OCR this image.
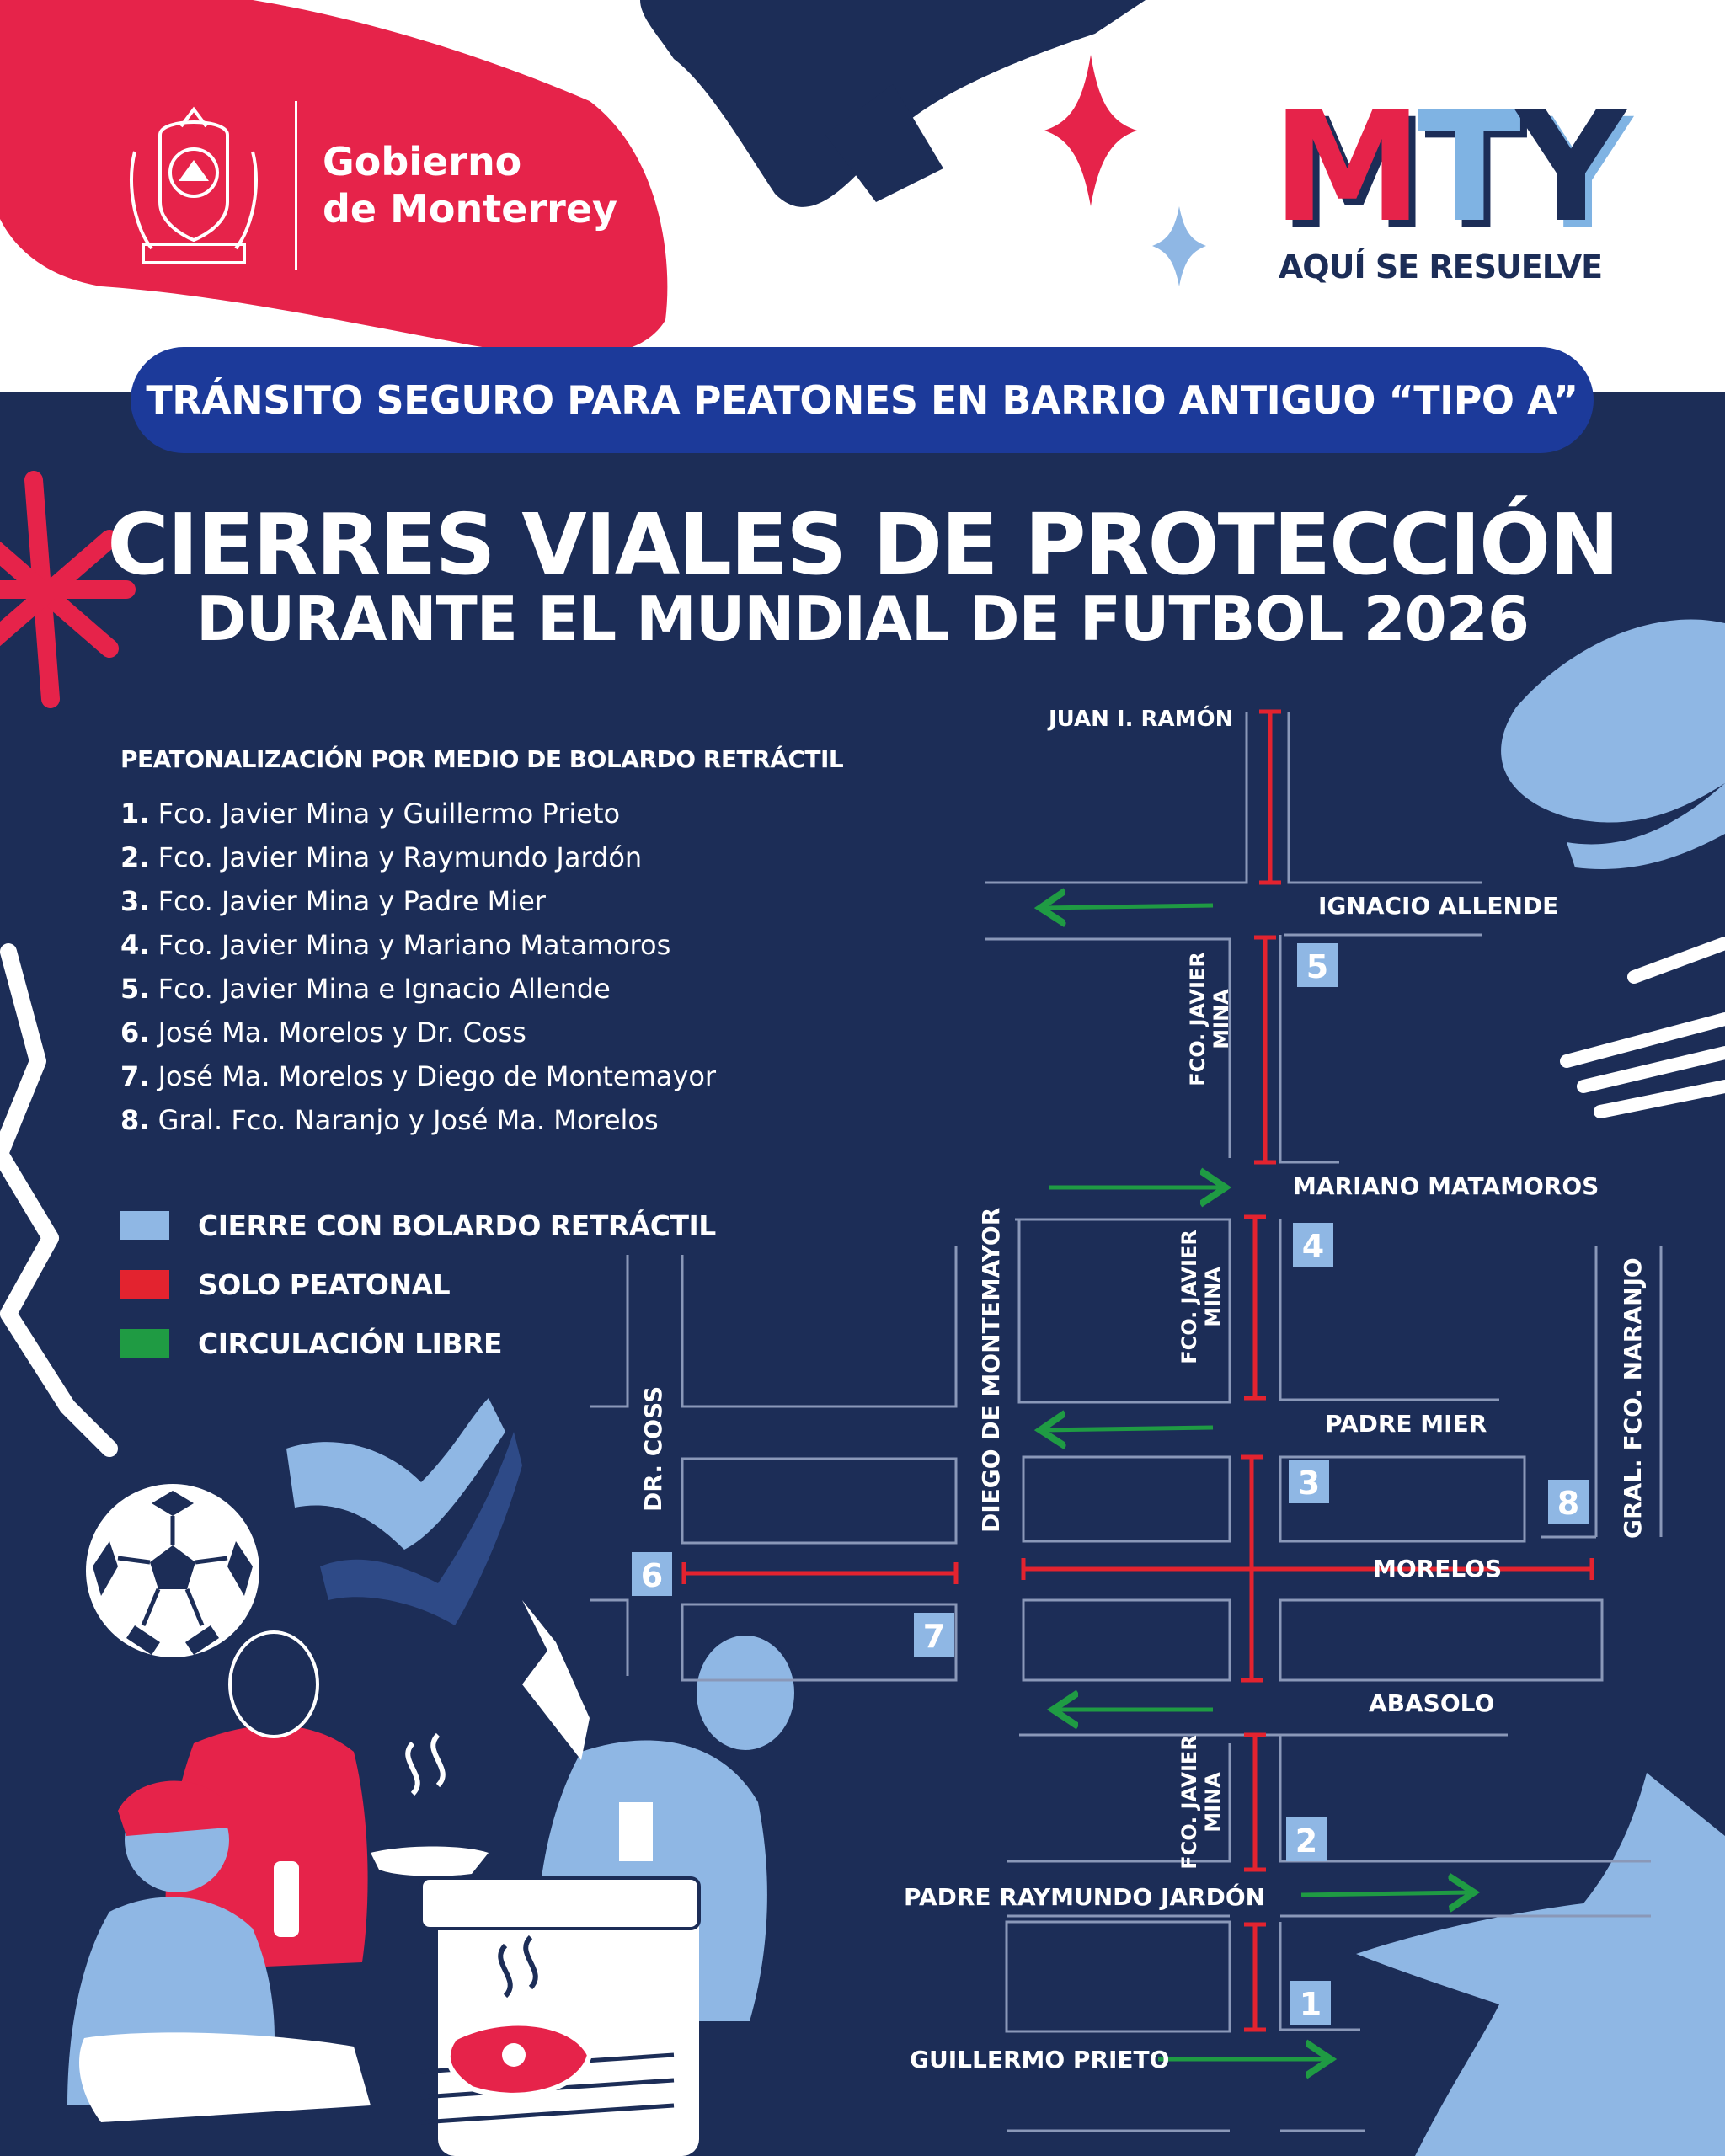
Gobierno
de Monterrey	MTY
AQUÍ SE RESUELVE
TRÁNSITO SEGURO PARA PEATONES EN BARRIO ANTIGUO “TIPO A”
CIERRES VIALES DE PROTECCIÓN
DURANTE EL MUNDIAL DE FUTBOL 2026
PEATONALIZACIÓN POR MEDIO DE BOLARDO RETRÁCTIL
1. Fco. Javier Mina y Guillermo Prieto
2. Fco. Javier Mina y Raymundo Jardón
3. Fco. Javier Mina y Padre Mier
4. Fco. Javier Mina y Mariano Matamoros
5. Fco. Javier Mina e Ignacio Allende
6. José Ma. Morelos y Dr. Coss
7. José Ma. Morelos y Diego de Montemayor
8. Gral. Fco. Naranjo y José Ma. Morelos
CIERRE CON BOLARDO RETRÁCTIL
SOLO PEATONAL
CIRCULACIÓN LIBRE
JUAN I. RAMÓN
IGNACIO ALLENDE
MARIANO MATAMOROS
PADRE MIER
MORELOS
ABASOLO
PADRE RAYMUNDO JARDÓN
GUILLERMO PRIETO
FCO. JAVIER MINA
FCO. JAVIER MINA
FCO. JAVIER MINA
DIEGO DE MONTEMAYOR
DR. COSS	GRAL. FCO. NARANJO
5
4
3
8
6
7
2
1
